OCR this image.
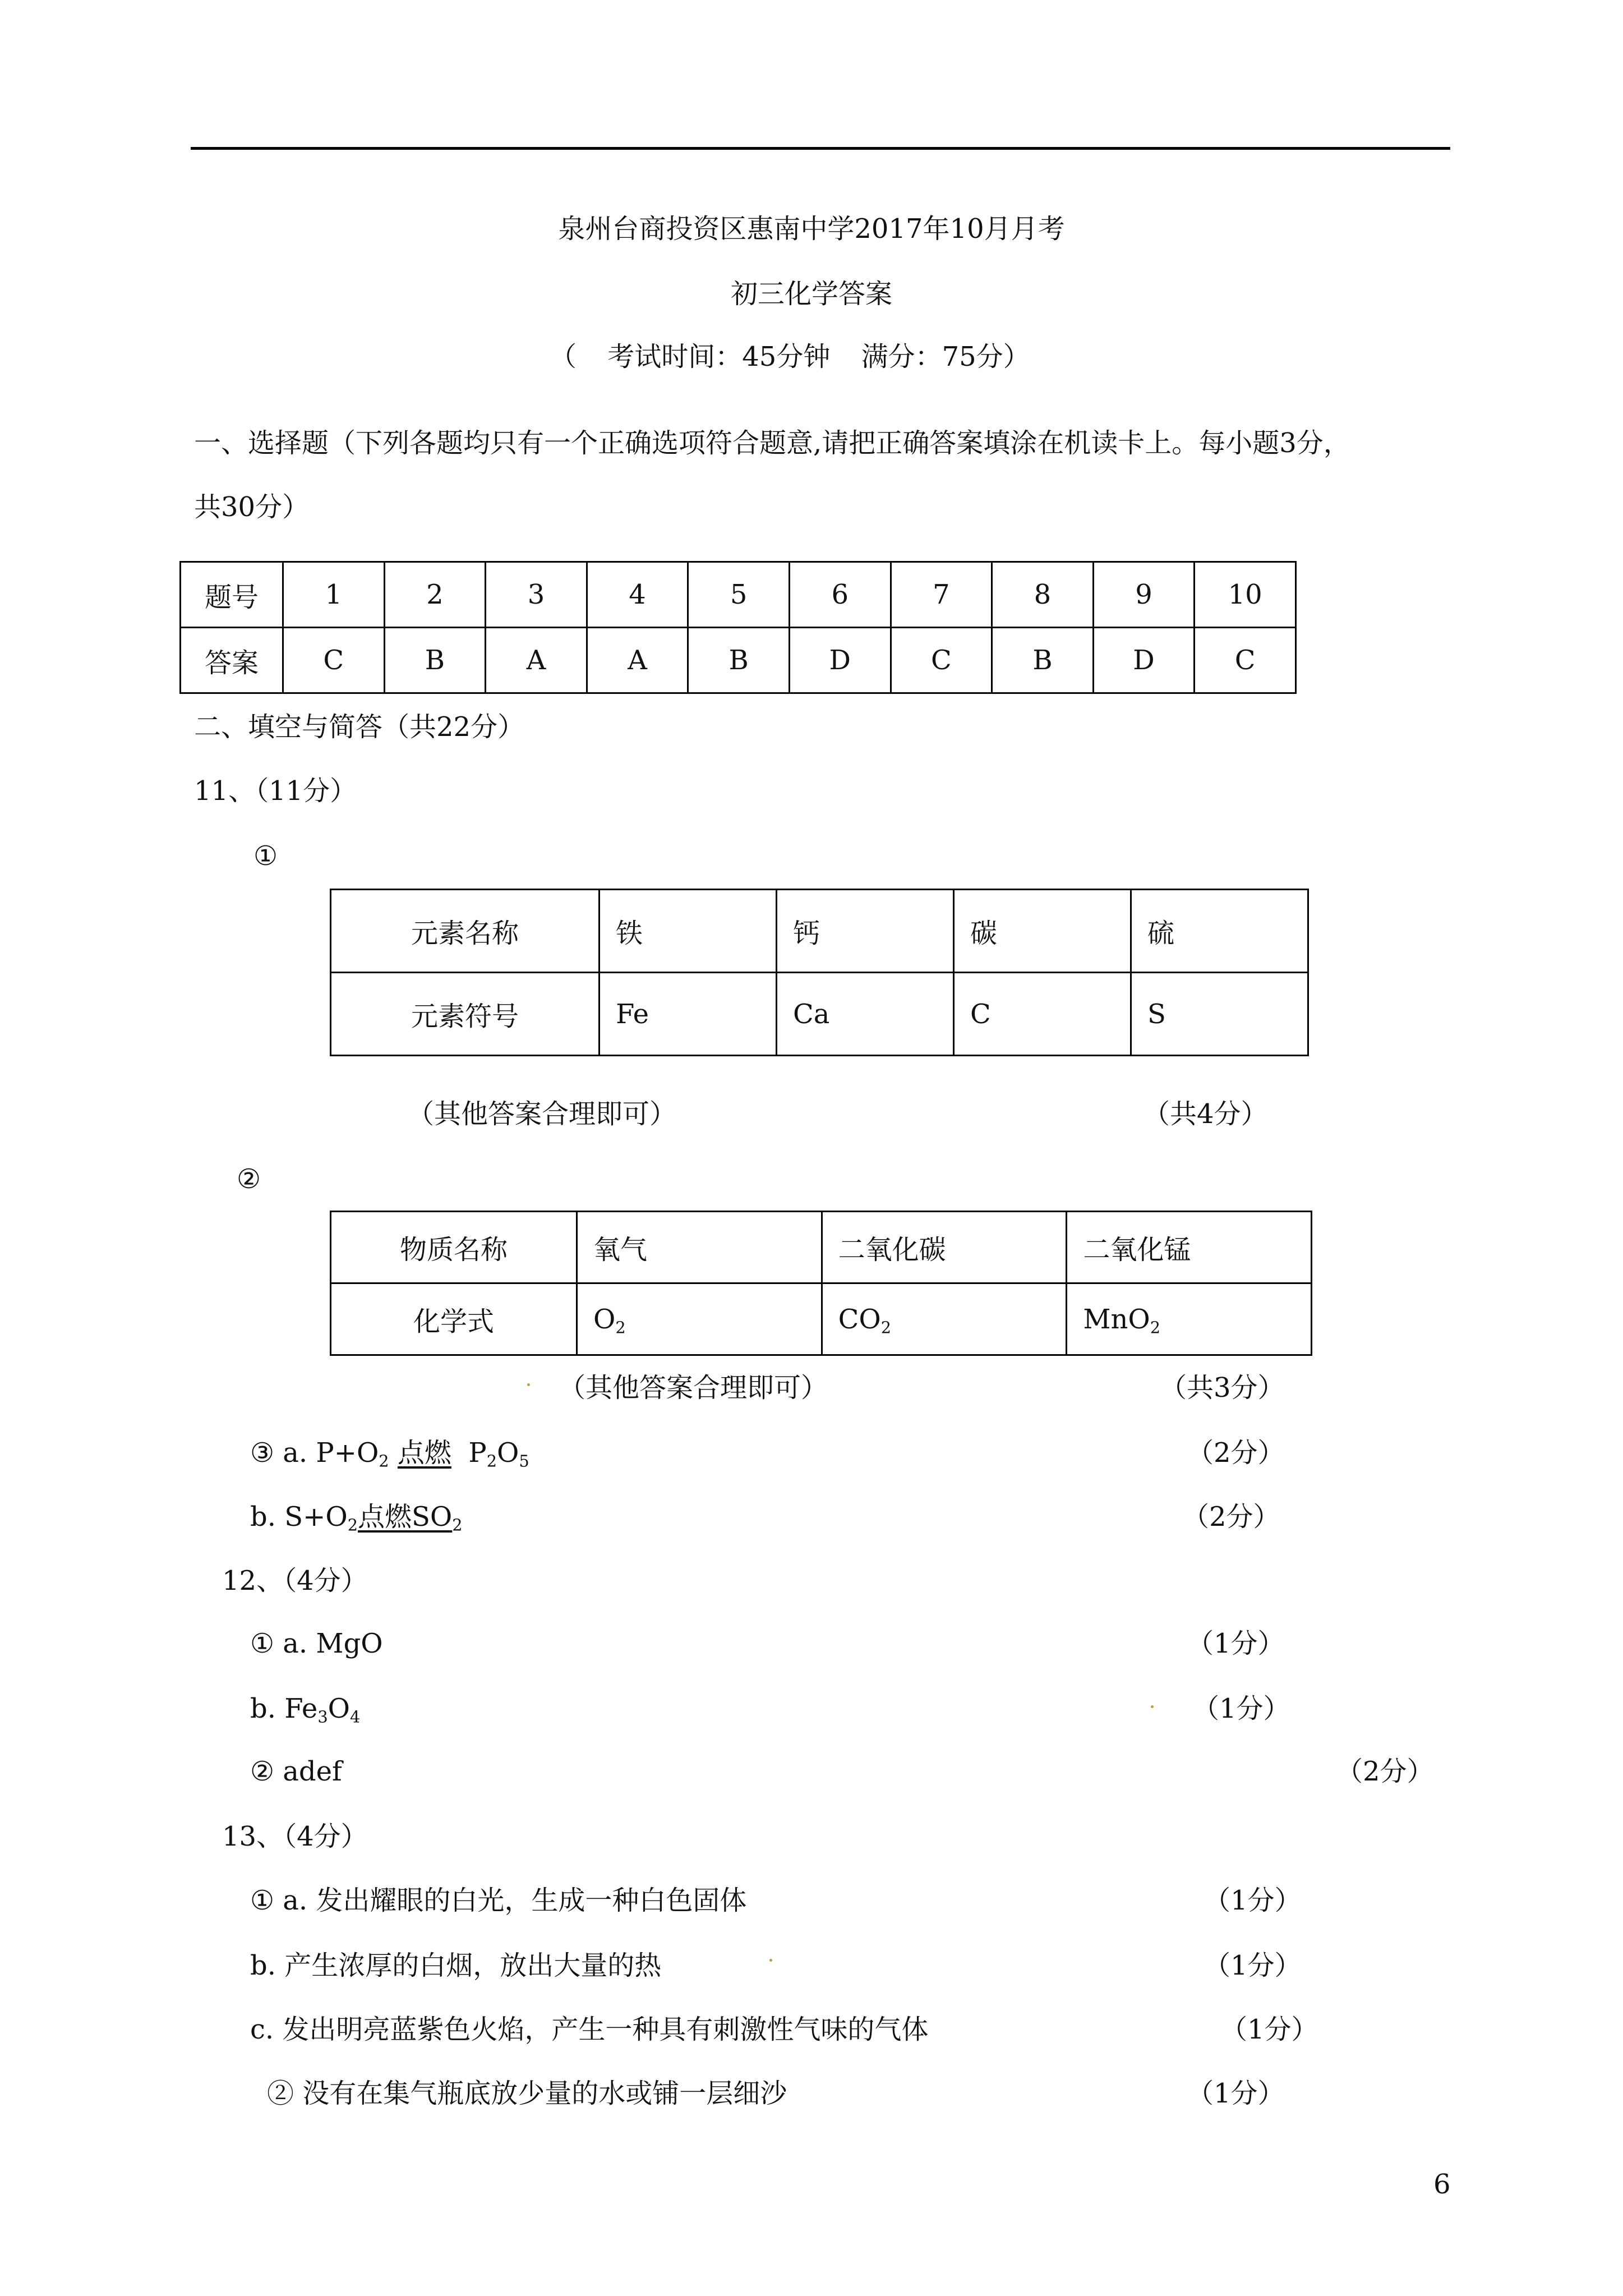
泉州台商投资区惠南中学2017年10月月考
初三化学答案
（ 考试时间：45分钟 满分：75分）
一、选择题（下列各题均只有一个正确选项符合题意,请把正确答案填涂在机读卡上。每小题3分，
共30分）
题号	1	2	3	4	5	6	7	8	9	10
答案	C	B	A	A	B	D	C	B	D	C
二、填空与简答（共22分）
11、（11分）
①
元素名称	铁	钙	碳	硫
元素符号	Fe	Ca	C	S
（其他答案合理即可）	（共4分）
②
物质名称	氧气	二氧化碳	二氧化锰
化学式	$O_2$	$CO_2$	MnO$_2$
（其他答案合理即可）	（共3分）
③ a. $P+O_2$ 点燃 $P_2O_5$	（2分）
b. $S+O_2$点燃$SO_2$	（2分）
12、（4分）
① a. MgO	（1分）
b. $Fe_3O_4$	（1分）
② adef	（2分）
13、（4分）
① a. 发出耀眼的白光，生成一种白色固体	（1分）
b. 产生浓厚的白烟，放出大量的热	（1分）
c. 发出明亮蓝紫色火焰，产生一种具有刺激性气味的气体	（1分）
② 没有在集气瓶底放少量的水或铺一层细沙	（1分）
6
